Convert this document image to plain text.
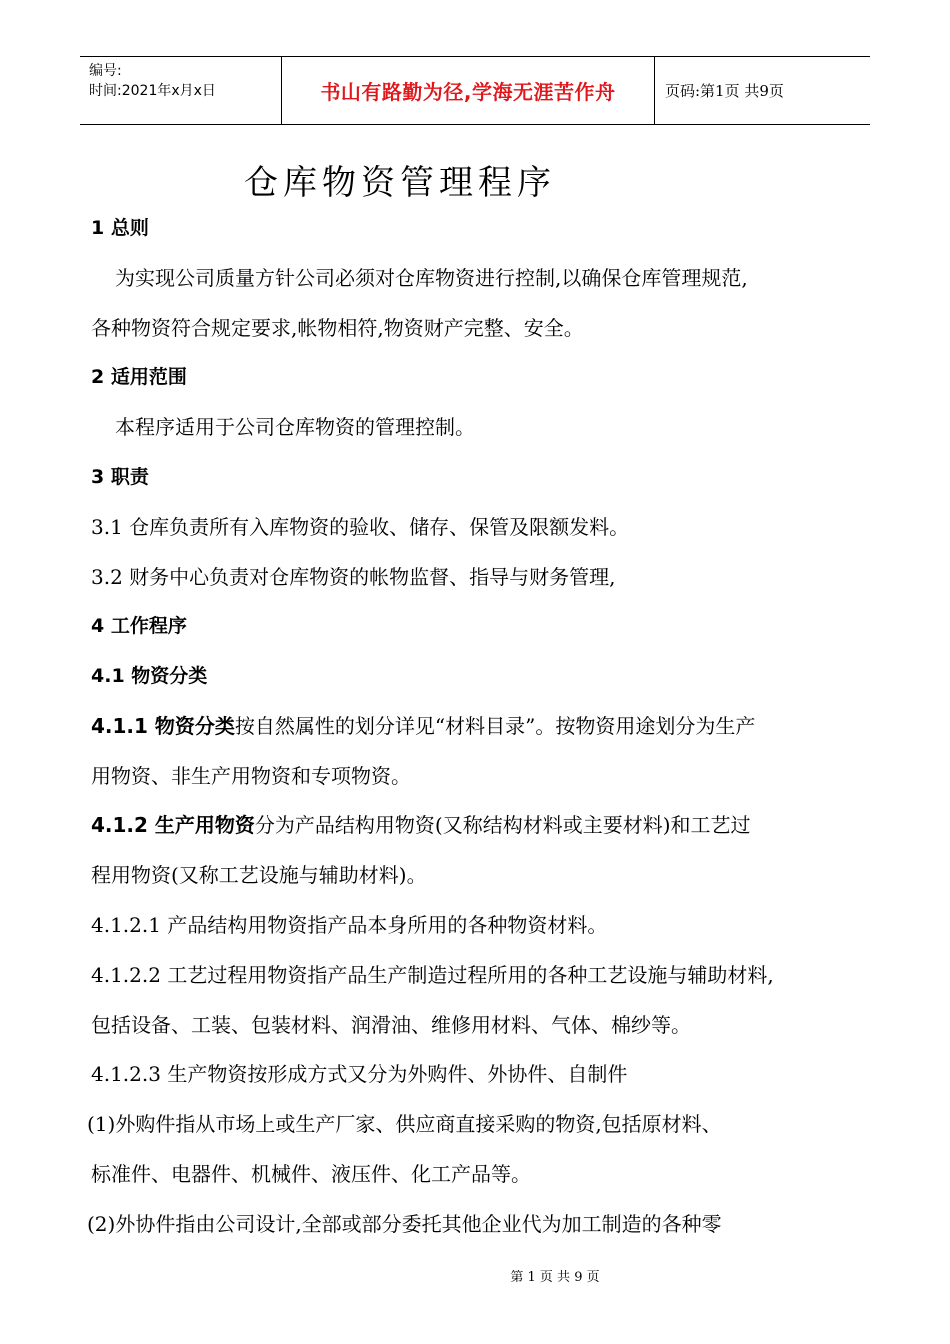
编号:
时间:2021年x月x日	书山有路勤为径,学海无涯苦作舟	页码:第1页 共9页
仓库物资管理程序
1 总则
为实现公司质量方针公司必须对仓库物资进行控制,以确保仓库管理规范,
各种物资符合规定要求,帐物相符,物资财产完整、安全。
2 适用范围
本程序适用于公司仓库物资的管理控制。
3 职责
3.1 仓库负责所有入库物资的验收、储存、保管及限额发料。
3.2 财务中心负责对仓库物资的帐物监督、指导与财务管理,
4 工作程序
4.1 物资分类
4.1.1 物资分类按自然属性的划分详见“材料目录”。按物资用途划分为生产
用物资、非生产用物资和专项物资。
4.1.2 生产用物资分为产品结构用物资(又称结构材料或主要材料)和工艺过
程用物资(又称工艺设施与辅助材料)。
4.1.2.1 产品结构用物资指产品本身所用的各种物资材料。
4.1.2.2 工艺过程用物资指产品生产制造过程所用的各种工艺设施与辅助材料,
包括设备、工装、包装材料、润滑油、维修用材料、气体、棉纱等。
4.1.2.3 生产物资按形成方式又分为外购件、外协件、自制件
(1)外购件指从市场上或生产厂家、供应商直接采购的物资,包括原材料、
标准件、电器件、机械件、液压件、化工产品等。
(2)外协件指由公司设计,全部或部分委托其他企业代为加工制造的各种零
第 1 页 共 9 页
